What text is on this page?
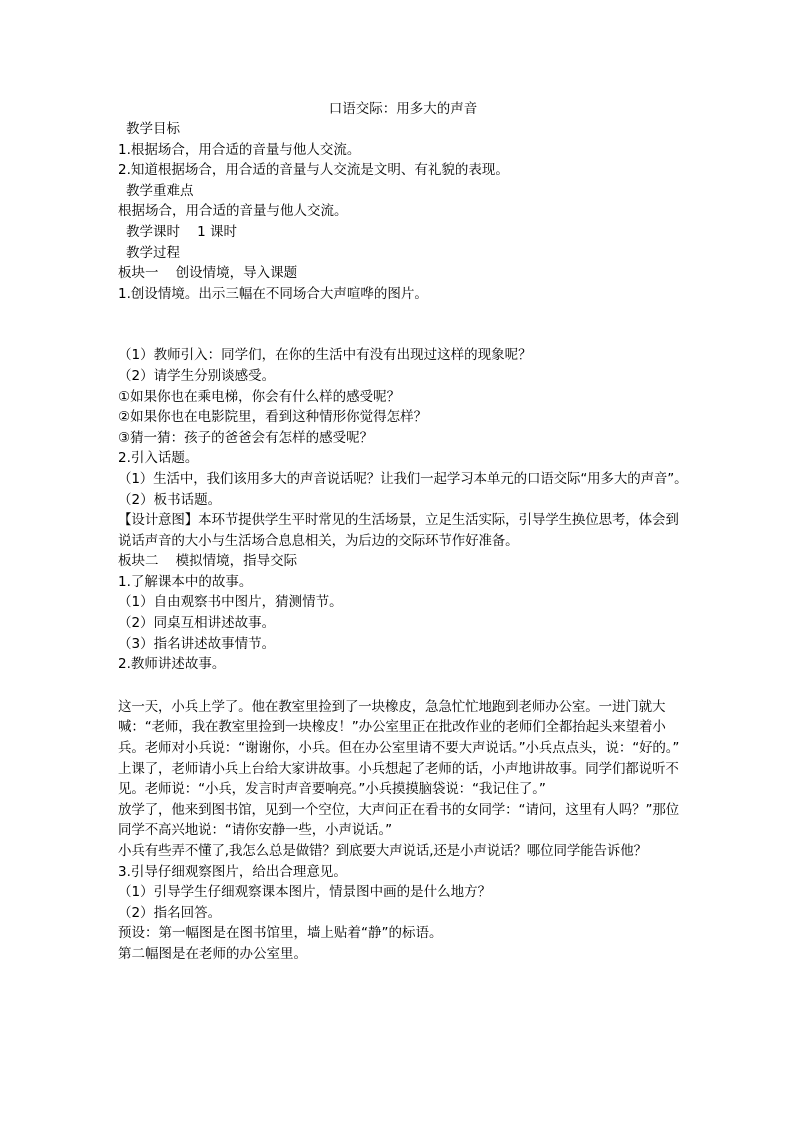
口语交际：用多大的声音
教学目标
1.根据场合，用合适的音量与他人交流。
2.知道根据场合，用合适的音量与人交流是文明、有礼貌的表现。
教学重难点
根据场合，用合适的音量与他人交流。
教学课时    1 课时
教学过程
板块一    创设情境，导入课题
1.创设情境。出示三幅在不同场合大声喧哗的图片。
（1）教师引入：同学们，在你的生活中有没有出现过这样的现象呢？
（2）请学生分别谈感受。
①如果你也在乘电梯，你会有什么样的感受呢？
②如果你也在电影院里，看到这种情形你觉得怎样？
③猜一猜：孩子的爸爸会有怎样的感受呢？
2.引入话题。
（1）生活中，我们该用多大的声音说话呢？让我们一起学习本单元的口语交际“用多大的声音”。
（2）板书话题。
【设计意图】本环节提供学生平时常见的生活场景，立足生活实际，引导学生换位思考，体会到说话声音的大小与生活场合息息相关，为后边的交际环节作好准备。
板块二    模拟情境，指导交际
1.了解课本中的故事。
（1）自由观察书中图片，猜测情节。
（2）同桌互相讲述故事。
（3）指名讲述故事情节。
2.教师讲述故事。
这一天，小兵上学了。他在教室里捡到了一块橡皮，急急忙忙地跑到老师办公室。一进门就大喊：“老师，我在教室里捡到一块橡皮！”办公室里正在批改作业的老师们全都抬起头来望着小兵。老师对小兵说：“谢谢你，小兵。但在办公室里请不要大声说话。”小兵点点头，说：“好的。”
上课了，老师请小兵上台给大家讲故事。小兵想起了老师的话，小声地讲故事。同学们都说听不见。老师说：“小兵，发言时声音要响亮。”小兵摸摸脑袋说：“我记住了。”
放学了，他来到图书馆，见到一个空位，大声问正在看书的女同学：“请问，这里有人吗？”那位同学不高兴地说：“请你安静一些，小声说话。”
小兵有些弄不懂了,我怎么总是做错？到底要大声说话,还是小声说话？哪位同学能告诉他？
3.引导仔细观察图片，给出合理意见。
（1）引导学生仔细观察课本图片，情景图中画的是什么地方？
（2）指名回答。
预设：第一幅图是在图书馆里，墙上贴着“静”的标语。
第二幅图是在老师的办公室里。
